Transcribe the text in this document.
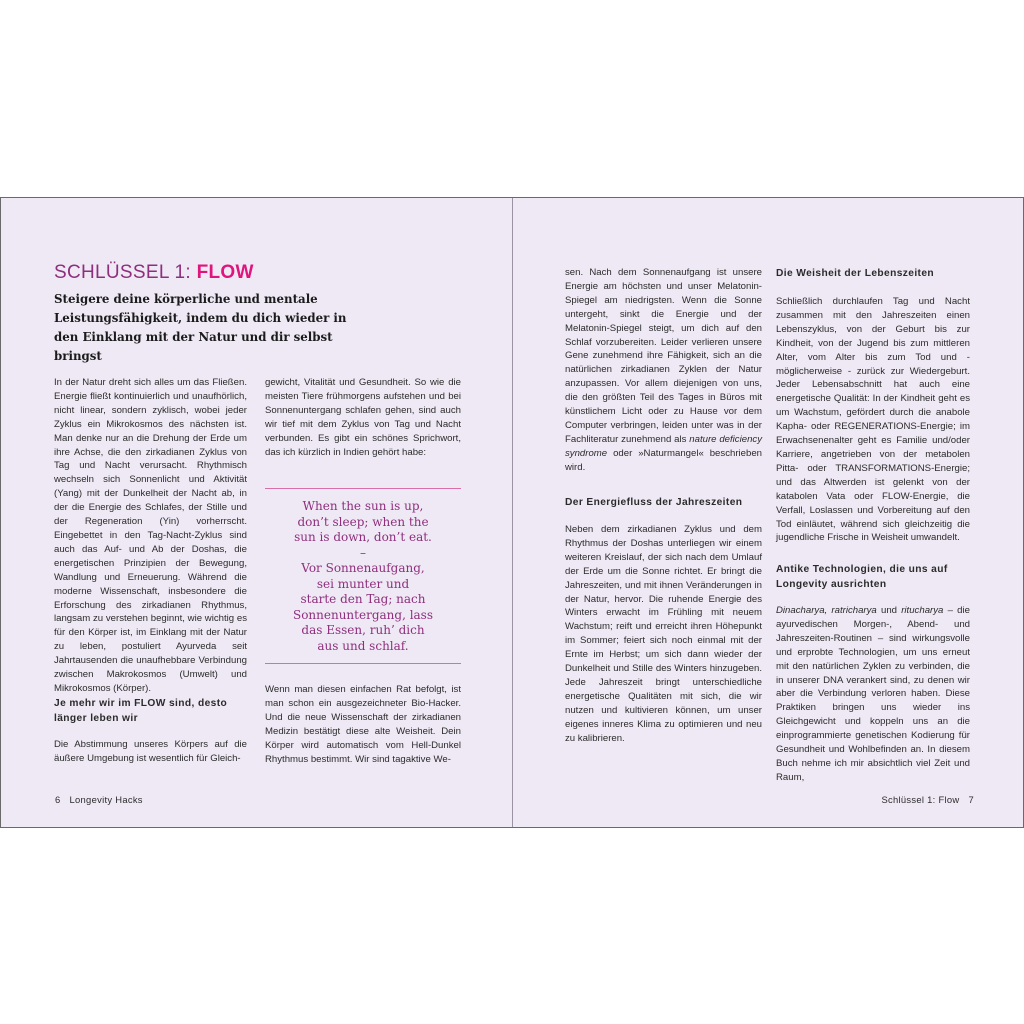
SCHLÜSSEL 1: FLOW
Steigere deine körperliche und mentale Leistungsfähigkeit, indem du dich wieder in den Einklang mit der Natur und dir selbst bringst

In der Natur dreht sich alles um das Fließen. Energie fließt kontinuierlich und unaufhörlich, nicht linear, sondern zyklisch, wobei jeder Zyklus ein Mikrokosmos des nächsten ist. Man denke nur an die Drehung der Erde um ihre Achse, die den zirkadianen Zyklus von Tag und Nacht verursacht. Rhythmisch wechseln sich Sonnenlicht und Aktivität (Yang) mit der Dunkelheit der Nacht ab, in der die Energie des Schlafes, der Stille und der Regeneration (Yin) vorherrscht. Eingebettet in den Tag-Nacht-Zyklus sind auch das Auf- und Ab der Doshas, die energetischen Prinzipien der Bewegung, Wandlung und Erneuerung. Während die moderne Wissenschaft, insbesondere die Erforschung des zirkadianen Rhythmus, langsam zu verstehen beginnt, wie wichtig es für den Körper ist, im Einklang mit der Natur zu leben, postuliert Ayurveda seit Jahrtausenden die unaufhebbare Verbindung zwischen Makrokosmos (Umwelt) und Mikrokosmos (Körper).

Je mehr wir im FLOW sind, desto länger leben wir

Die Abstimmung unseres Körpers auf die äußere Umgebung ist wesentlich für Gleich-

gewicht, Vitalität und Gesundheit. So wie die meisten Tiere frühmorgens aufstehen und bei Sonnenuntergang schlafen gehen, sind auch wir tief mit dem Zyklus von Tag und Nacht verbunden. Es gibt ein schönes Sprichwort, das ich kürzlich in Indien gehört habe:

When the sun is up,
don’t sleep; when the
sun is down, don’t eat.
–
Vor Sonnenaufgang,
sei munter und
starte den Tag; nach
Sonnenuntergang, lass
das Essen, ruh’ dich
aus und schlaf.

Wenn man diesen einfachen Rat befolgt, ist man schon ein ausgezeichneter Bio-Hacker. Und die neue Wissenschaft der zirkadianen Medizin bestätigt diese alte Weisheit. Dein Körper wird automatisch vom Hell-Dunkel Rhythmus bestimmt. Wir sind tagaktive We-

6 Longevity Hacks

sen. Nach dem Sonnenaufgang ist unsere Energie am höchsten und unser Melatonin-Spiegel am niedrigsten. Wenn die Sonne untergeht, sinkt die Energie und der Melatonin-Spiegel steigt, um dich auf den Schlaf vorzubereiten. Leider verlieren unsere Gene zunehmend ihre Fähigkeit, sich an die natürlichen zirkadianen Zyklen der Natur anzupassen. Vor allem diejenigen von uns, die den größten Teil des Tages in Büros mit künstlichem Licht oder zu Hause vor dem Computer verbringen, leiden unter was in der Fachliteratur zunehmend als nature deficiency syndrome oder »Naturmangel« beschrieben wird.

Der Energiefluss der Jahreszeiten

Neben dem zirkadianen Zyklus und dem Rhythmus der Doshas unterliegen wir einem weiteren Kreislauf, der sich nach dem Umlauf der Erde um die Sonne richtet. Er bringt die Jahreszeiten, und mit ihnen Veränderungen in der Natur, hervor. Die ruhende Energie des Winters erwacht im Frühling mit neuem Wachstum; reift und erreicht ihren Höhepunkt im Sommer; feiert sich noch einmal mit der Ernte im Herbst; um sich dann wieder der Dunkelheit und Stille des Winters hinzugeben. Jede Jahreszeit bringt unterschiedliche energetische Qualitäten mit sich, die wir nutzen und kultivieren können, um unser eigenes inneres Klima zu optimieren und neu zu kalibrieren.

Die Weisheit der Lebenszeiten

Schließlich durchlaufen Tag und Nacht zusammen mit den Jahreszeiten einen Lebenszyklus, von der Geburt bis zur Kindheit, von der Jugend bis zum mittleren Alter, vom Alter bis zum Tod und - möglicherweise - zurück zur Wiedergeburt. Jeder Lebensabschnitt hat auch eine energetische Qualität: In der Kindheit geht es um Wachstum, gefördert durch die anabole Kapha- oder REGENERATIONS-Energie; im Erwachsenenalter geht es Familie und/oder Karriere, angetrieben von der metabolen Pitta- oder TRANSFORMATIONS-Energie; und das Altwerden ist gelenkt von der katabolen Vata oder FLOW-Energie, die Verfall, Loslassen und Vorbereitung auf den Tod einläutet, während sich gleichzeitig die jugendliche Frische in Weisheit umwandelt.

Antike Technologien, die uns auf Longevity ausrichten

Dinacharya, ratricharya und ritucharya – die ayurvedischen Morgen-, Abend- und Jahreszeiten-Routinen – sind wirkungsvolle und erprobte Technologien, um uns erneut mit den natürlichen Zyklen zu verbinden, die in unserer DNA verankert sind, zu denen wir aber die Verbindung verloren haben. Diese Praktiken bringen uns wieder ins Gleichgewicht und koppeln uns an die einprogrammierte genetischen Kodierung für Gesundheit und Wohlbefinden an. In diesem Buch nehme ich mir absichtlich viel Zeit und Raum,

Schlüssel 1: Flow 7
